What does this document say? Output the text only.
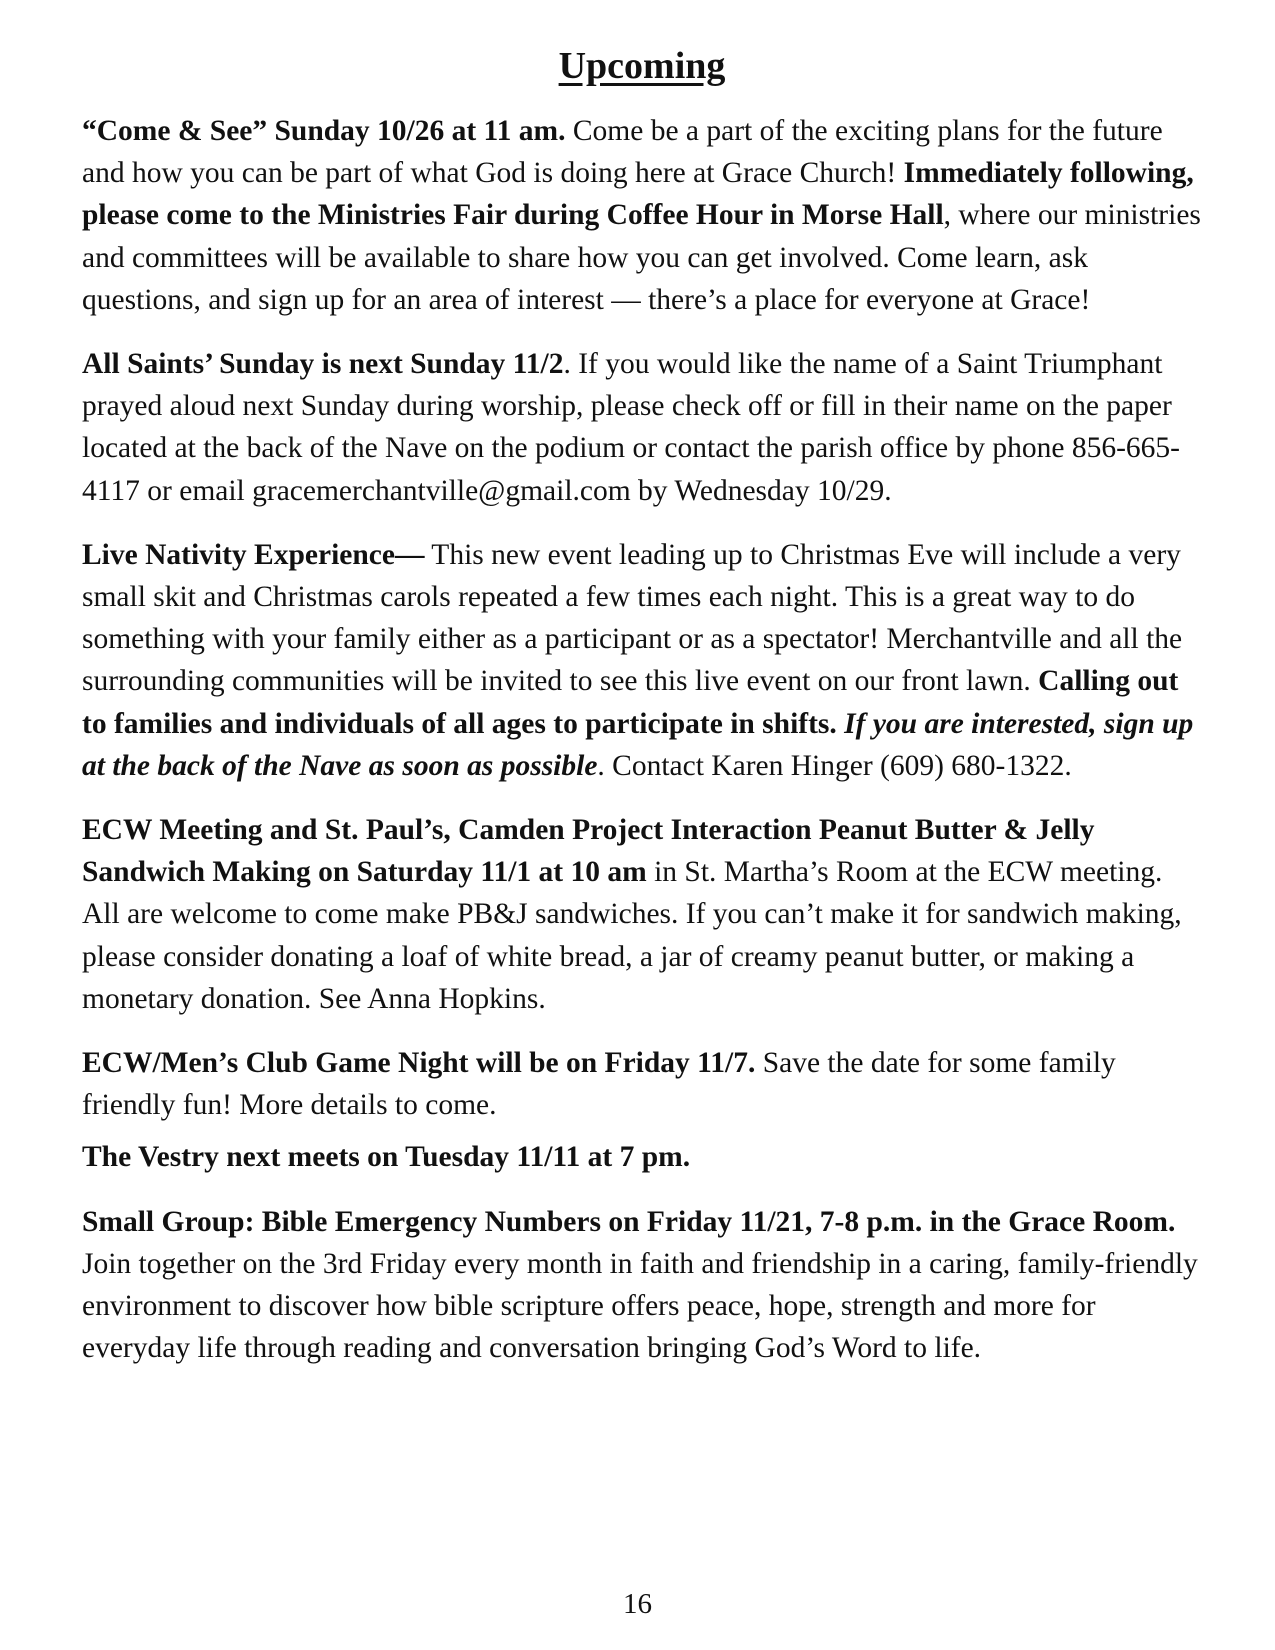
Upcoming

“Come & See” Sunday 10/26 at 11 am. Come be a part of the exciting plans for the future and how you can be part of what God is doing here at Grace Church! Immediately following, please come to the Ministries Fair during Coffee Hour in Morse Hall, where our ministries and committees will be available to share how you can get involved. Come learn, ask questions, and sign up for an area of interest — there’s a place for everyone at Grace!

All Saints’ Sunday is next Sunday 11/2. If you would like the name of a Saint Triumphant prayed aloud next Sunday during worship, please check off or fill in their name on the paper located at the back of the Nave on the podium or contact the parish office by phone 856-665-4117 or email gracemerchantville@gmail.com by Wednesday 10/29.

Live Nativity Experience— This new event leading up to Christmas Eve will include a very small skit and Christmas carols repeated a few times each night. This is a great way to do something with your family either as a participant or as a spectator! Merchantville and all the surrounding communities will be invited to see this live event on our front lawn. Calling out to families and individuals of all ages to participate in shifts. If you are interested, sign up at the back of the Nave as soon as possible. Contact Karen Hinger (609) 680-1322.

ECW Meeting and St. Paul’s, Camden Project Interaction Peanut Butter & Jelly Sandwich Making on Saturday 11/1 at 10 am in St. Martha’s Room at the ECW meeting. All are welcome to come make PB&J sandwiches. If you can’t make it for sandwich making, please consider donating a loaf of white bread, a jar of creamy peanut butter, or making a monetary donation. See Anna Hopkins.

ECW/Men’s Club Game Night will be on Friday 11/7. Save the date for some family friendly fun! More details to come.

The Vestry next meets on Tuesday 11/11 at 7 pm.

Small Group: Bible Emergency Numbers on Friday 11/21, 7-8 p.m. in the Grace Room. Join together on the 3rd Friday every month in faith and friendship in a caring, family-friendly environment to discover how bible scripture offers peace, hope, strength and more for everyday life through reading and conversation bringing God’s Word to life.

16
